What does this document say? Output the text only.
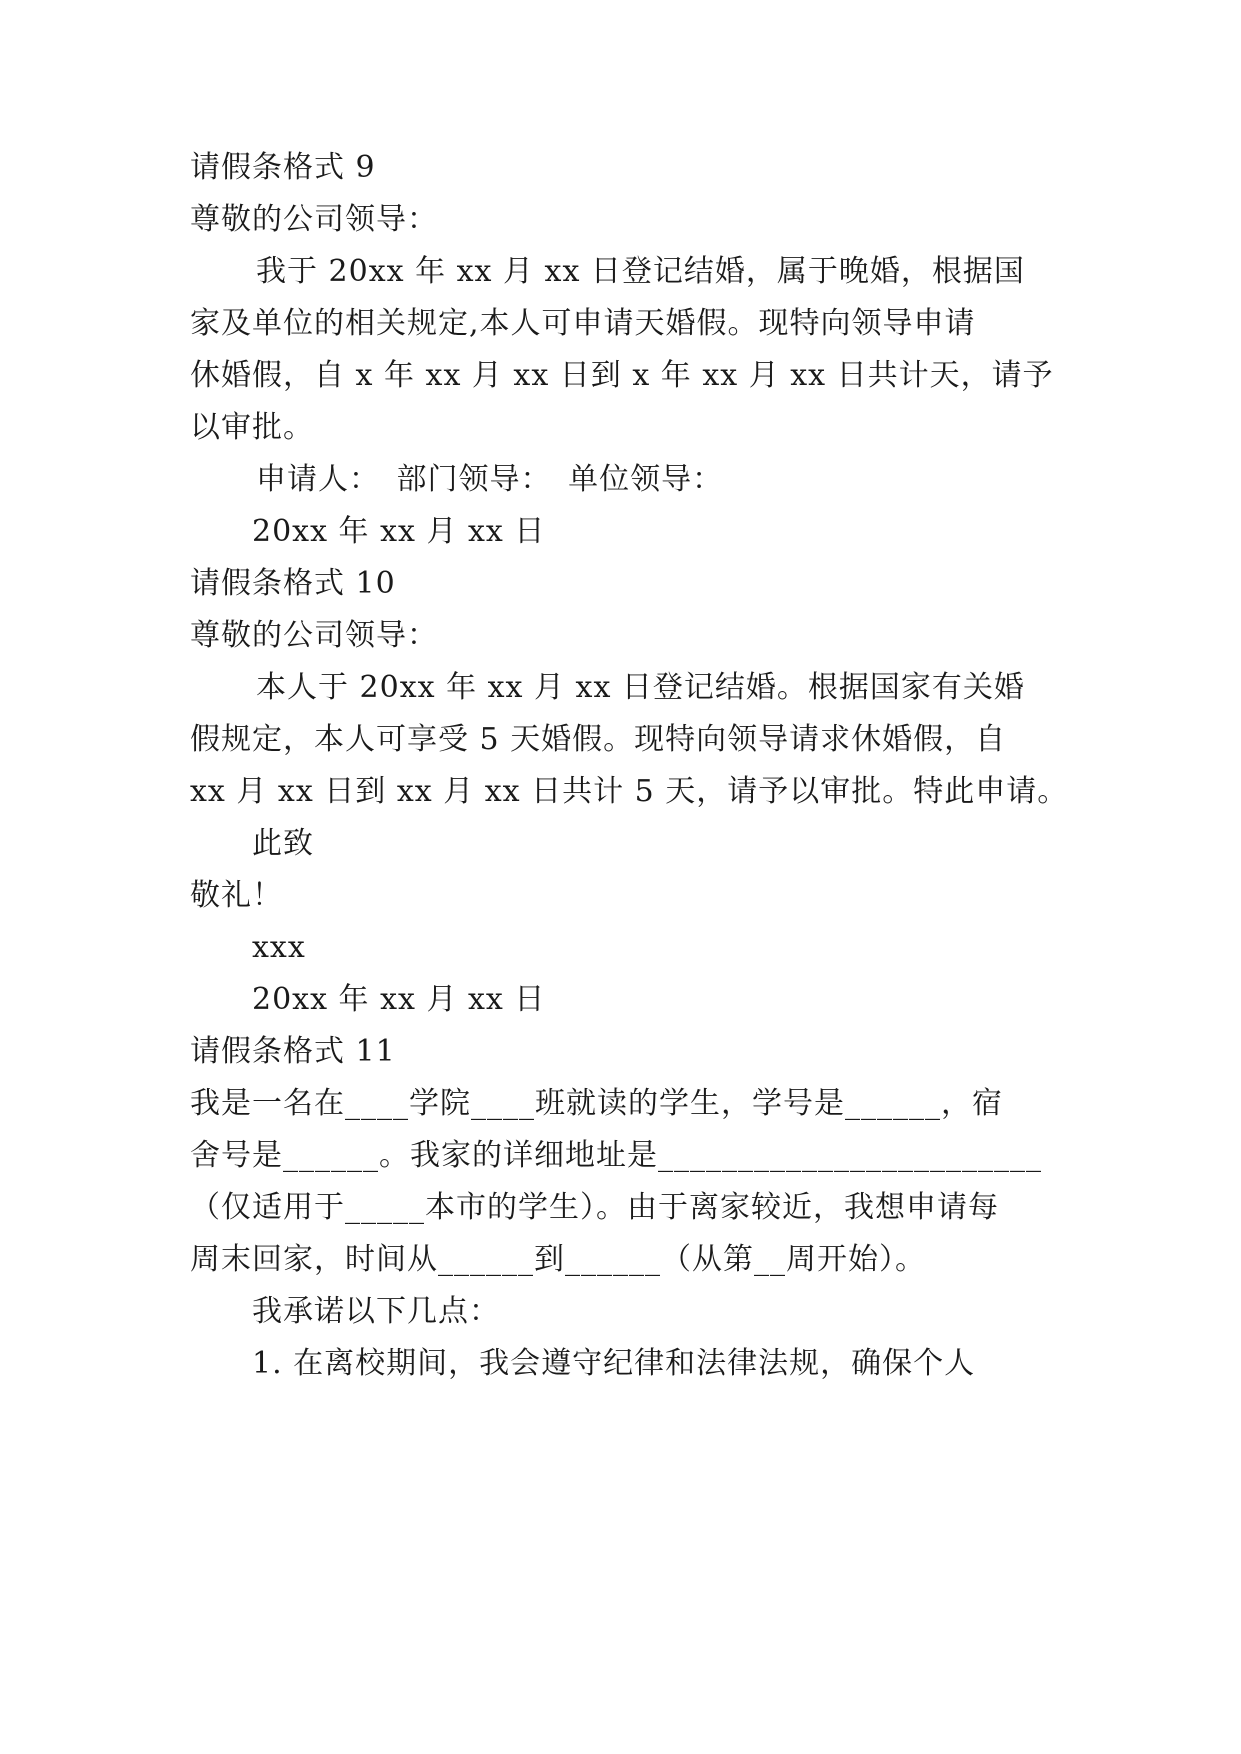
请假条格式 9

尊敬的公司领导：

我于 20xx 年 xx 月 xx 日登记结婚，属于晚婚，根据国

家及单位的相关规定,本人可申请天婚假。现特向领导申请

休婚假，自 x 年 xx 月 xx 日到 x 年 xx 月 xx 日共计天，请予

以审批。

申请人： 部门领导： 单位领导：

20xx 年 xx 月 xx 日

请假条格式 10

尊敬的公司领导：

本人于 20xx 年 xx 月 xx 日登记结婚。根据国家有关婚

假规定，本人可享受 5 天婚假。现特向领导请求休婚假，自

xx 月 xx 日到 xx 月 xx 日共计 5 天，请予以审批。特此申请。

此致

敬礼！

xxx

20xx 年 xx 月 xx 日

请假条格式 11

我是一名在____学院____班就读的学生，学号是______，宿

舍号是______。我家的详细地址是________________________

（仅适用于_____本市的学生）。由于离家较近，我想申请每

周末回家，时间从______到______（从第__周开始）。

我承诺以下几点：

1. 在离校期间，我会遵守纪律和法律法规，确保个人
